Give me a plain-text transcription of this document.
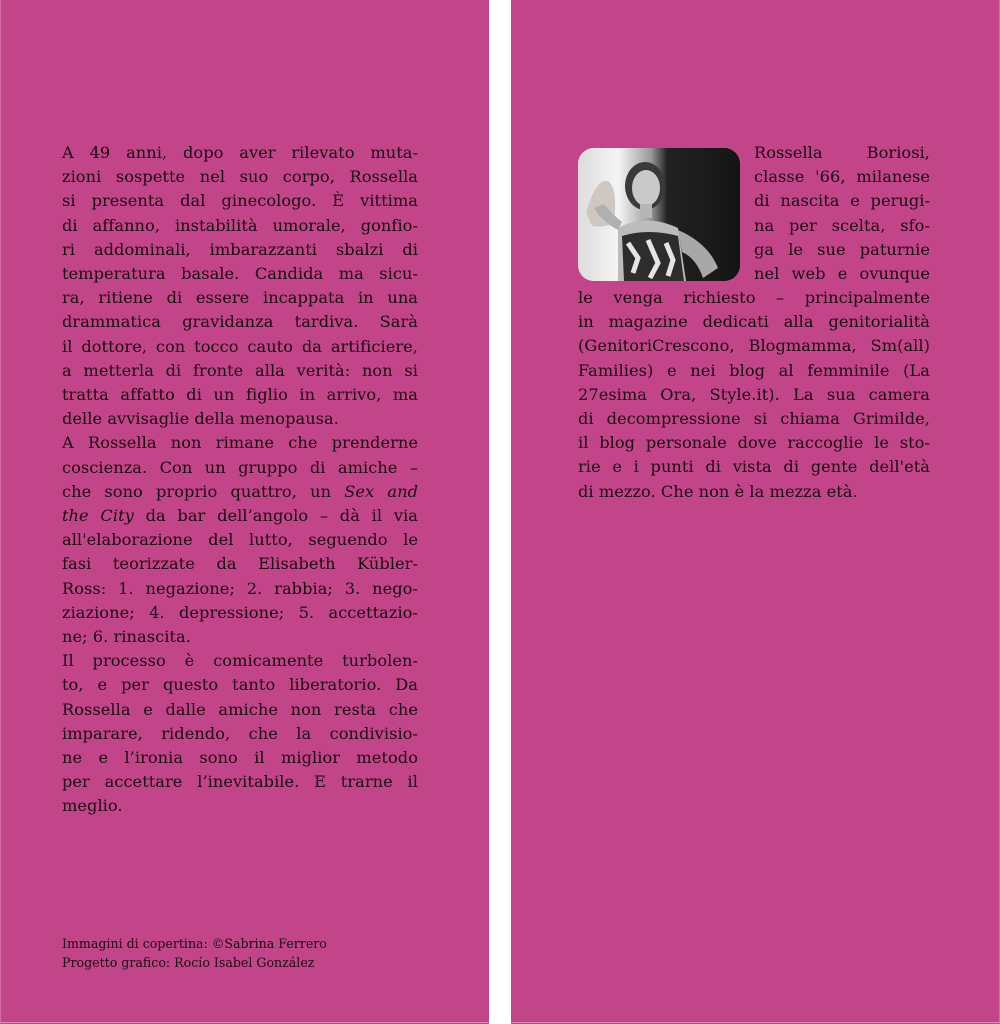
A 49 anni, dopo aver rilevato muta-
zioni sospette nel suo corpo, Rossella
si presenta dal ginecologo. È vittima
di affanno, instabilità umorale, gonfio-
ri addominali, imbarazzanti sbalzi di
temperatura basale. Candida ma sicu-
ra, ritiene di essere incappata in una
drammatica gravidanza tardiva. Sarà
il dottore, con tocco cauto da artificiere,
a metterla di fronte alla verità: non si
tratta affatto di un figlio in arrivo, ma
delle avvisaglie della menopausa.
A Rossella non rimane che prenderne
coscienza. Con un gruppo di amiche –
che sono proprio quattro, un Sex and
the City da bar dell’angolo – dà il via
all'elaborazione del lutto, seguendo le
fasi teorizzate da Elisabeth Kübler-
Ross: 1. negazione; 2. rabbia; 3. nego-
ziazione; 4. depressione; 5. accettazio-
ne; 6. rinascita.
Il processo è comicamente turbolen-
to, e per questo tanto liberatorio. Da
Rossella e dalle amiche non resta che
imparare, ridendo, che la condivisio-
ne e l’ironia sono il miglior metodo
per accettare l’inevitabile. E trarne il
meglio.
Immagini di copertina: ©Sabrina Ferrero
Progetto grafico: Rocío Isabel González
Rossella Boriosi,
classe '66, milanese
di nascita e perugi-
na per scelta, sfo-
ga le sue paturnie
nel web e ovunque
le venga richiesto – principalmente
in magazine dedicati alla genitorialità
(GenitoriCrescono, Blogmamma, Sm(all)
Families) e nei blog al femminile (La
27esima Ora, Style.it). La sua camera
di decompressione si chiama Grimilde,
il blog personale dove raccoglie le sto-
rie e i punti di vista di gente dell'età
di mezzo. Che non è la mezza età.
